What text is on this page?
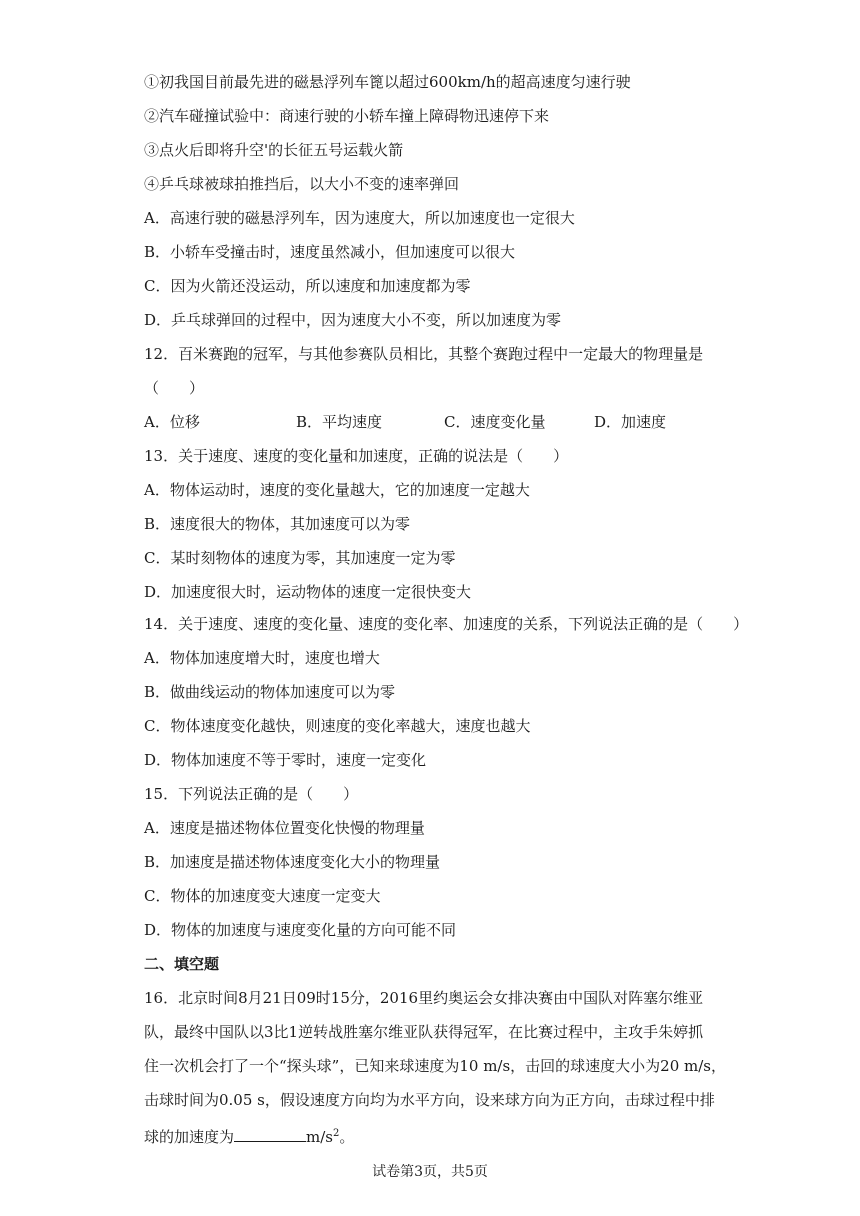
①初我国目前最先进的磁悬浮列车篦以超过600km/h的超高速度匀速行驶
②汽车碰撞试验中：商速行驶的小轿车撞上障碍物迅速停下来
③点火后即将升空'的长征五号运载火箭
④乒乓球被球拍推挡后，以大小不变的速率弹回
A．高速行驶的磁悬浮列车，因为速度大，所以加速度也一定很大
B．小轿车受撞击时，速度虽然减小，但加速度可以很大
C．因为火箭还没运动，所以速度和加速度都为零
D．乒乓球弹回的过程中，因为速度大小不变，所以加速度为零
12．百米赛跑的冠军，与其他参赛队员相比，其整个赛跑过程中一定最大的物理量是
（　　）
A．位移	B．平均速度	C．速度变化量	D．加速度
13．关于速度、速度的变化量和加速度，正确的说法是（　　）
A．物体运动时，速度的变化量越大，它的加速度一定越大
B．速度很大的物体，其加速度可以为零
C．某时刻物体的速度为零，其加速度一定为零
D．加速度很大时，运动物体的速度一定很快变大
14．关于速度、速度的变化量、速度的变化率、加速度的关系，下列说法正确的是（　　）
A．物体加速度增大时，速度也增大
B．做曲线运动的物体加速度可以为零
C．物体速度变化越快，则速度的变化率越大，速度也越大
D．物体加速度不等于零时，速度一定变化
15．下列说法正确的是（　　）
A．速度是描述物体位置变化快慢的物理量
B．加速度是描述物体速度变化大小的物理量
C．物体的加速度变大速度一定变大
D．物体的加速度与速度变化量的方向可能不同
二、填空题
16．北京时间8月21日09时15分，2016里约奥运会女排决赛由中国队对阵塞尔维亚
队，最终中国队以3比1逆转战胜塞尔维亚队获得冠军，在比赛过程中，主攻手朱婷抓
住一次机会打了一个“探头球”，已知来球速度为10 m/s，击回的球速度大小为20 m/s，
击球时间为0.05 s，假设速度方向均为水平方向，设来球方向为正方向，击球过程中排
球的加速度为	$m/s^2$。
试卷第3页，共5页
